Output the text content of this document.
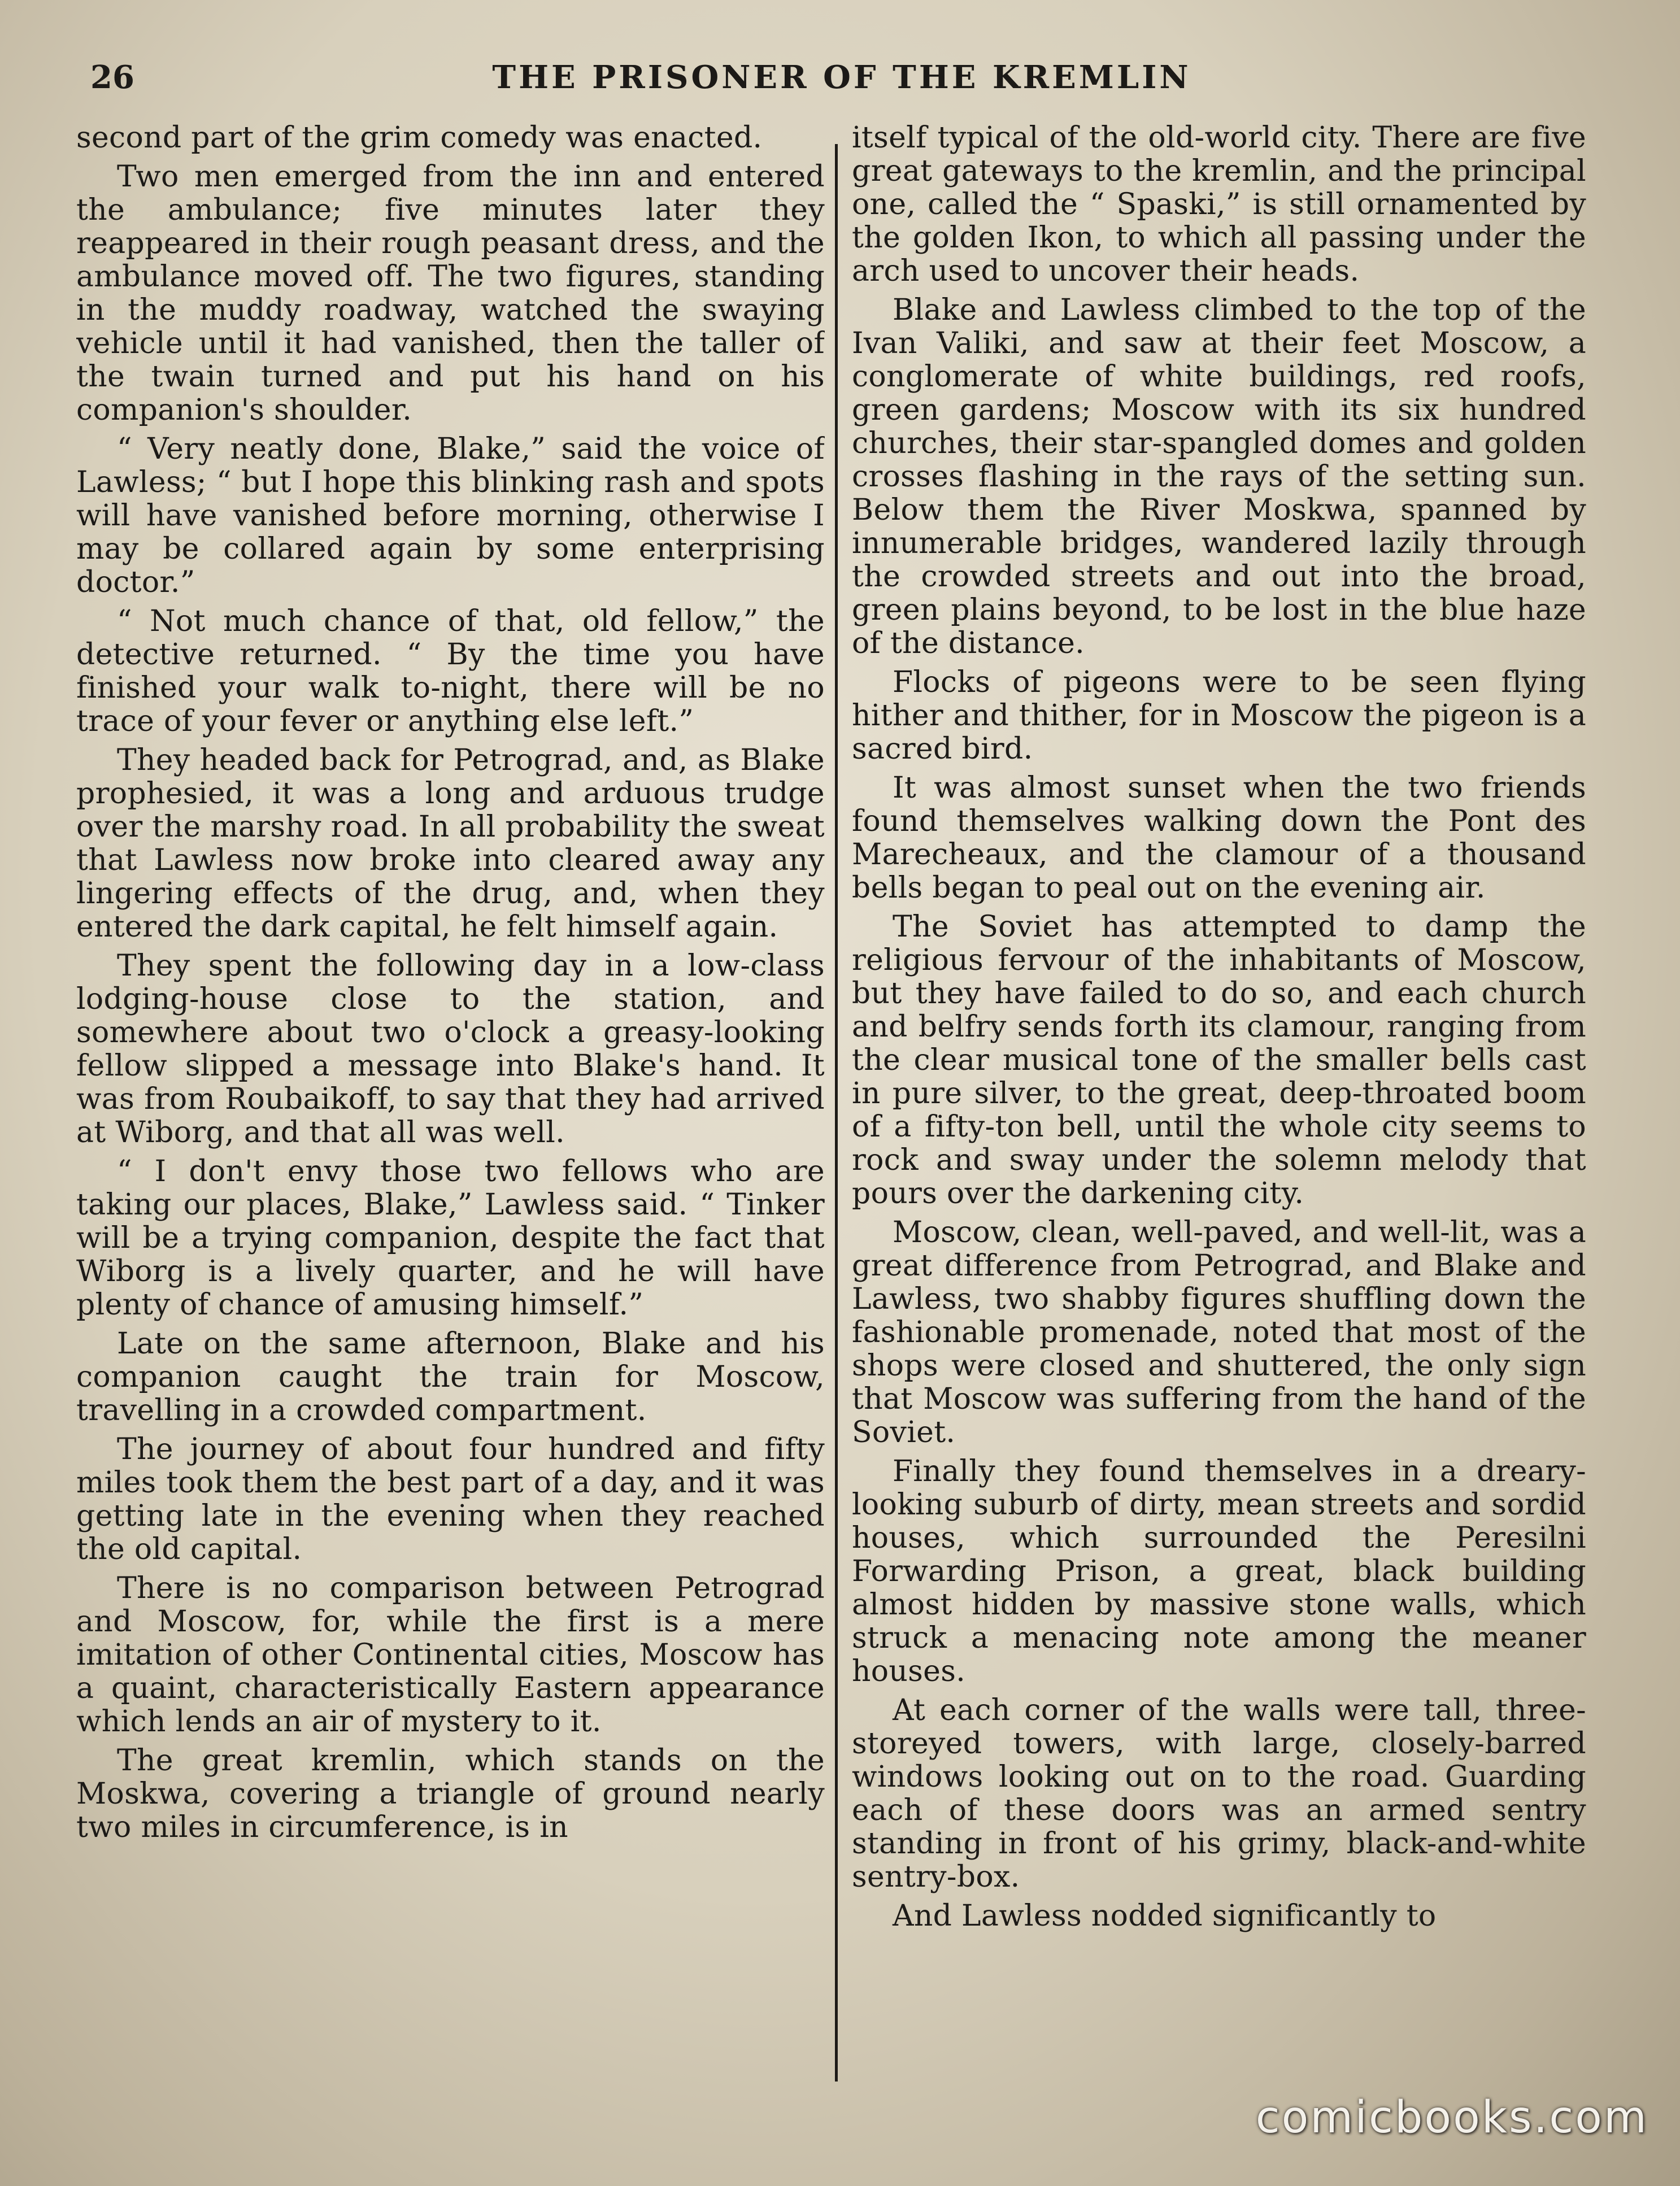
26	THE PRISONER OF THE KREMLIN

second part of the grim comedy was enacted.

Two men emerged from the inn and entered the ambulance; five minutes later they reappeared in their rough peasant dress, and the ambulance moved off. The two figures, standing in the muddy roadway, watched the swaying vehicle until it had vanished, then the taller of the twain turned and put his hand on his companion's shoulder.

“ Very neatly done, Blake,” said the voice of Lawless; “ but I hope this blinking rash and spots will have vanished before morning, otherwise I may be collared again by some enterprising doctor.”

“ Not much chance of that, old fellow,” the detective returned. “ By the time you have finished your walk to-night, there will be no trace of your fever or anything else left.”

They headed back for Petrograd, and, as Blake prophesied, it was a long and arduous trudge over the marshy road. In all probability the sweat that Lawless now broke into cleared away any lingering effects of the drug, and, when they entered the dark capital, he felt himself again.

They spent the following day in a low-class lodging-house close to the station, and somewhere about two o'clock a greasy-looking fellow slipped a message into Blake's hand. It was from Roubaikoff, to say that they had arrived at Wiborg, and that all was well.

“ I don't envy those two fellows who are taking our places, Blake,” Lawless said. “ Tinker will be a trying companion, despite the fact that Wiborg is a lively quarter, and he will have plenty of chance of amusing himself.”

Late on the same afternoon, Blake and his companion caught the train for Moscow, travelling in a crowded compartment.

The journey of about four hundred and fifty miles took them the best part of a day, and it was getting late in the evening when they reached the old capital.

There is no comparison between Petrograd and Moscow, for, while the first is a mere imitation of other Continental cities, Moscow has a quaint, characteristically Eastern appearance which lends an air of mystery to it.

The great kremlin, which stands on the Moskwa, covering a triangle of ground nearly two miles in circumference, is in

itself typical of the old-world city. There are five great gateways to the kremlin, and the principal one, called the “ Spaski,” is still ornamented by the golden Ikon, to which all passing under the arch used to uncover their heads.

Blake and Lawless climbed to the top of the Ivan Valiki, and saw at their feet Moscow, a conglomerate of white buildings, red roofs, green gardens; Moscow with its six hundred churches, their star-spangled domes and golden crosses flashing in the rays of the setting sun. Below them the River Moskwa, spanned by innumerable bridges, wandered lazily through the crowded streets and out into the broad, green plains beyond, to be lost in the blue haze of the distance.

Flocks of pigeons were to be seen flying hither and thither, for in Moscow the pigeon is a sacred bird.

It was almost sunset when the two friends found themselves walking down the Pont des Marecheaux, and the clamour of a thousand bells began to peal out on the evening air.

The Soviet has attempted to damp the religious fervour of the inhabitants of Moscow, but they have failed to do so, and each church and belfry sends forth its clamour, ranging from the clear musical tone of the smaller bells cast in pure silver, to the great, deep-throated boom of a fifty-ton bell, until the whole city seems to rock and sway under the solemn melody that pours over the darkening city.

Moscow, clean, well-paved, and well-lit, was a great difference from Petrograd, and Blake and Lawless, two shabby figures shuffling down the fashionable promenade, noted that most of the shops were closed and shuttered, the only sign that Moscow was suffering from the hand of the Soviet.

Finally they found themselves in a dreary-looking suburb of dirty, mean streets and sordid houses, which surrounded the Peresilni Forwarding Prison, a great, black building almost hidden by massive stone walls, which struck a menacing note among the meaner houses.

At each corner of the walls were tall, three-storeyed towers, with large, closely-barred windows looking out on to the road. Guarding each of these doors was an armed sentry standing in front of his grimy, black-and-white sentry-box.

And Lawless nodded significantly to

comicbooks.com
